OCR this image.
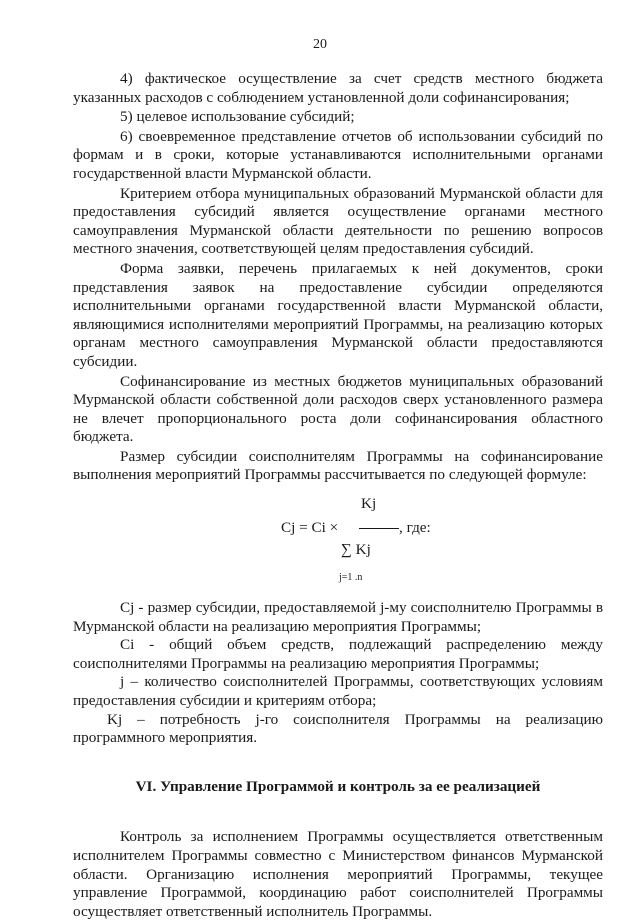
20

4) фактическое осуществление за счет средств местного бюджета указанных расходов с соблюдением установленной доли софинансирования;

5) целевое использование субсидий;

6) своевременное представление отчетов об использовании субсидий по формам и в сроки, которые устанавливаются исполнительными органами государственной власти Мурманской области.

Критерием отбора муниципальных образований Мурманской области для предоставления субсидий является осуществление органами местного самоуправления Мурманской области деятельности по решению вопросов местного значения, соответствующей целям предоставления субсидий.

Форма заявки, перечень прилагаемых к ней документов, сроки представления заявок на предоставление субсидии определяются исполнительными органами государственной власти Мурманской области, являющимися исполнителями мероприятий Программы, на реализацию которых органам местного самоуправления Мурманской области предоставляются субсидии.

Софинансирование из местных бюджетов муниципальных образований Мурманской области собственной доли расходов сверх установленного размера не влечет пропорционального роста доли софинансирования областного бюджета.

Размер субсидии соисполнителям Программы на софинансирование выполнения мероприятий Программы рассчитывается по следующей формуле:

Kj
Cj = Ci ×	, где:
∑ Kj
j=1 .n

Cj - размер субсидии, предоставляемой j-му соисполнителю Программы в Мурманской области на реализацию мероприятия Программы;

Ci - общий объем средств, подлежащий распределению между соисполнителями Программы на реализацию мероприятия Программы;

j – количество соисполнителей Программы, соответствующих условиям предоставления субсидии и критериям отбора;

Kj – потребность j-го соисполнителя Программы на реализацию программного мероприятия.

VI. Управление Программой и контроль за ее реализацией

Контроль за исполнением Программы осуществляется ответственным исполнителем Программы совместно с Министерством финансов Мурманской области. Организацию исполнения мероприятий Программы, текущее управление Программой, координацию работ соисполнителей Программы осуществляет ответственный исполнитель Программы.
